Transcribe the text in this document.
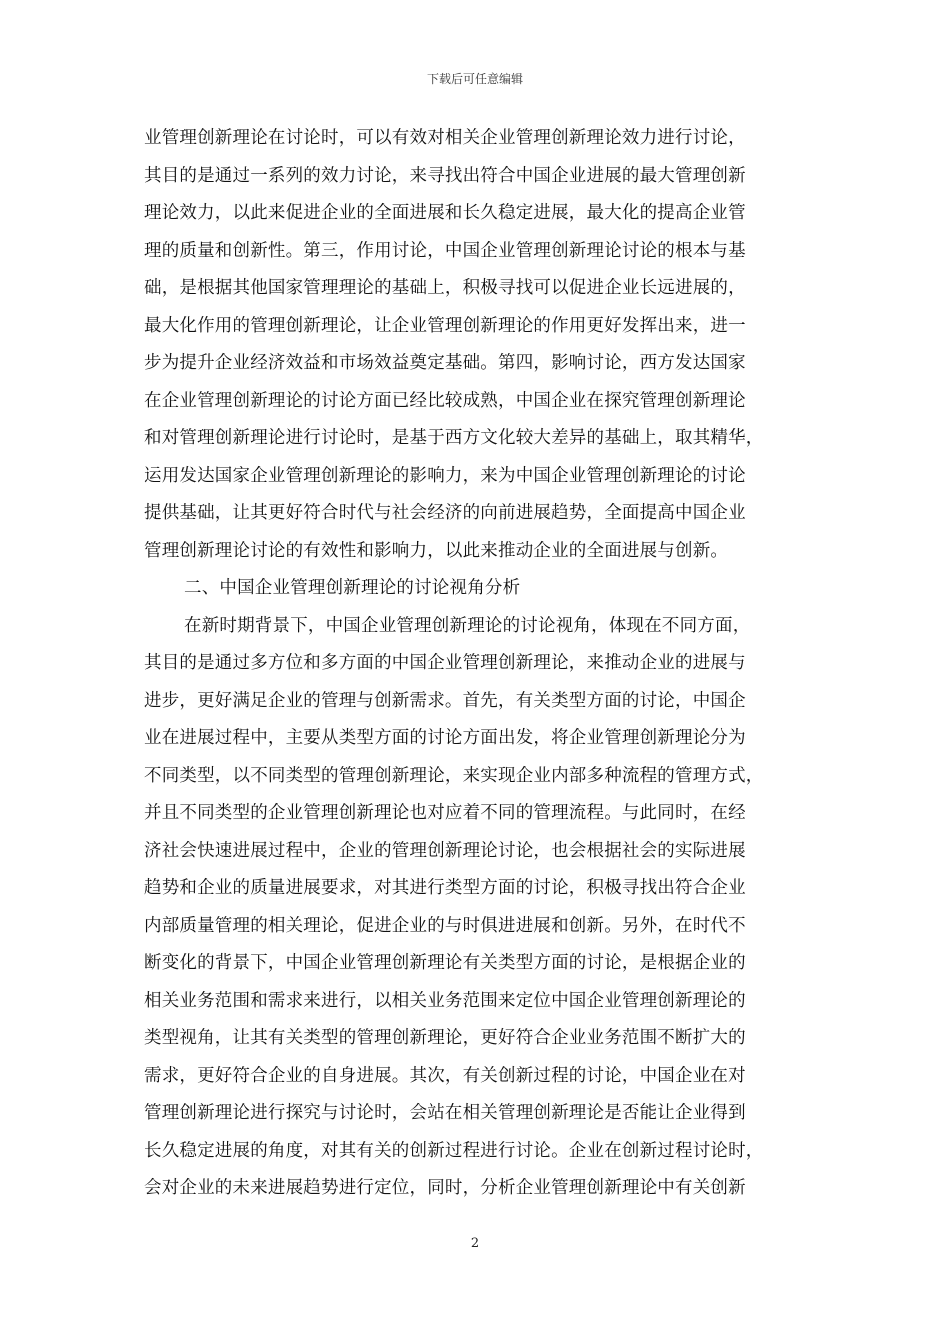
下载后可任意编辑
业管理创新理论在讨论时，可以有效对相关企业管理创新理论效力进行讨论，
其目的是通过一系列的效力讨论，来寻找出符合中国企业进展的最大管理创新
理论效力，以此来促进企业的全面进展和长久稳定进展，最大化的提高企业管
理的质量和创新性。第三，作用讨论，中国企业管理创新理论讨论的根本与基
础，是根据其他国家管理理论的基础上，积极寻找可以促进企业长远进展的，
最大化作用的管理创新理论，让企业管理创新理论的作用更好发挥出来，进一
步为提升企业经济效益和市场效益奠定基础。第四，影响讨论，西方发达国家
在企业管理创新理论的讨论方面已经比较成熟，中国企业在探究管理创新理论
和对管理创新理论进行讨论时，是基于西方文化较大差异的基础上，取其精华，
运用发达国家企业管理创新理论的影响力，来为中国企业管理创新理论的讨论
提供基础，让其更好符合时代与社会经济的向前进展趋势，全面提高中国企业
管理创新理论讨论的有效性和影响力，以此来推动企业的全面进展与创新。
二、中国企业管理创新理论的讨论视角分析
在新时期背景下，中国企业管理创新理论的讨论视角，体现在不同方面，
其目的是通过多方位和多方面的中国企业管理创新理论，来推动企业的进展与
进步，更好满足企业的管理与创新需求。首先，有关类型方面的讨论，中国企
业在进展过程中，主要从类型方面的讨论方面出发，将企业管理创新理论分为
不同类型，以不同类型的管理创新理论，来实现企业内部多种流程的管理方式，
并且不同类型的企业管理创新理论也对应着不同的管理流程。与此同时，在经
济社会快速进展过程中，企业的管理创新理论讨论，也会根据社会的实际进展
趋势和企业的质量进展要求，对其进行类型方面的讨论，积极寻找出符合企业
内部质量管理的相关理论，促进企业的与时俱进进展和创新。另外，在时代不
断变化的背景下，中国企业管理创新理论有关类型方面的讨论，是根据企业的
相关业务范围和需求来进行，以相关业务范围来定位中国企业管理创新理论的
类型视角，让其有关类型的管理创新理论，更好符合企业业务范围不断扩大的
需求，更好符合企业的自身进展。其次，有关创新过程的讨论，中国企业在对
管理创新理论进行探究与讨论时，会站在相关管理创新理论是否能让企业得到
长久稳定进展的角度，对其有关的创新过程进行讨论。企业在创新过程讨论时，
会对企业的未来进展趋势进行定位，同时，分析企业管理创新理论中有关创新
2
